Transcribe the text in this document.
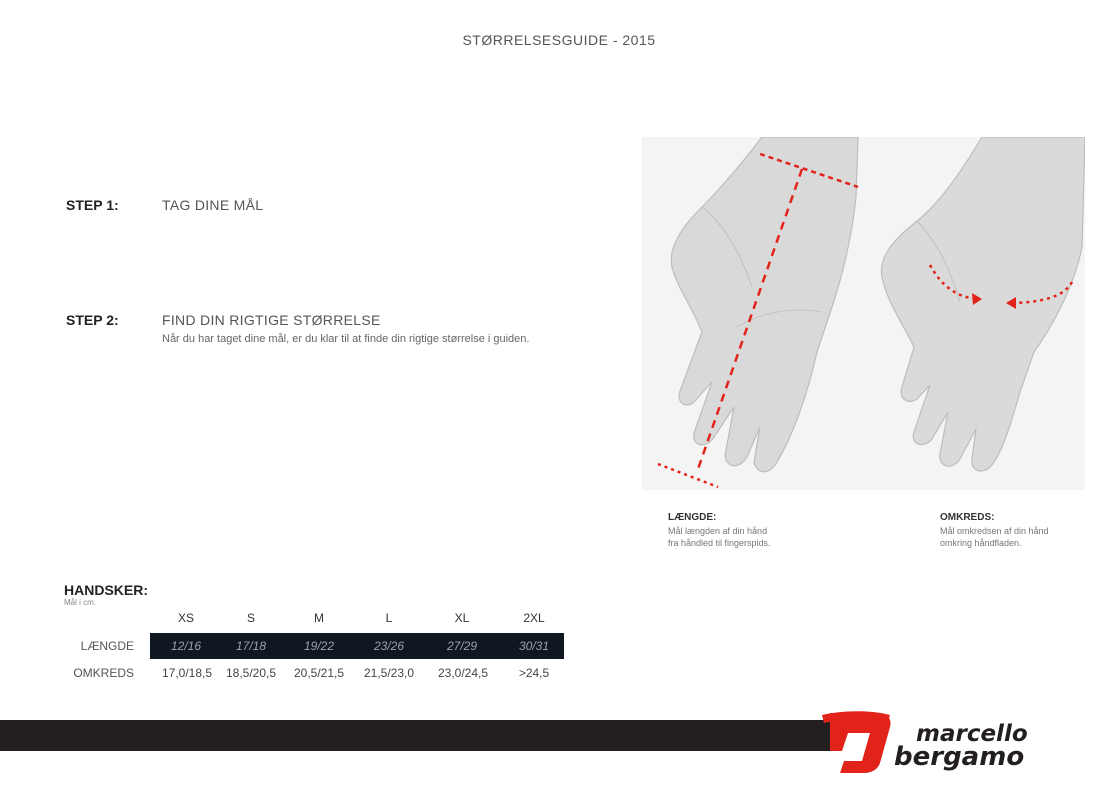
STØRRELSESGUIDE - 2015
STEP 1:	TAG DINE MÅL
STEP 2:	FIND DIN RIGTIGE STØRRELSE
Når du har taget dine mål, er du klar til at finde din rigtige størrelse i guiden.
LÆNGDE:
Mål længden af din hånd
fra håndled til fingerspids.
OMKREDS:
Mål omkredsen af din hånd
omkring håndfladen.
HANDSKER:
Mål i cm.
XS	S	M	L	XL	2XL
LÆNGDE	12/16	17/18	19/22	23/26	27/29	30/31
OMKREDS	17,0/18,5	18,5/20,5	20,5/21,5	21,5/23,0	23,0/24,5	>24,5
marcello
bergamo
